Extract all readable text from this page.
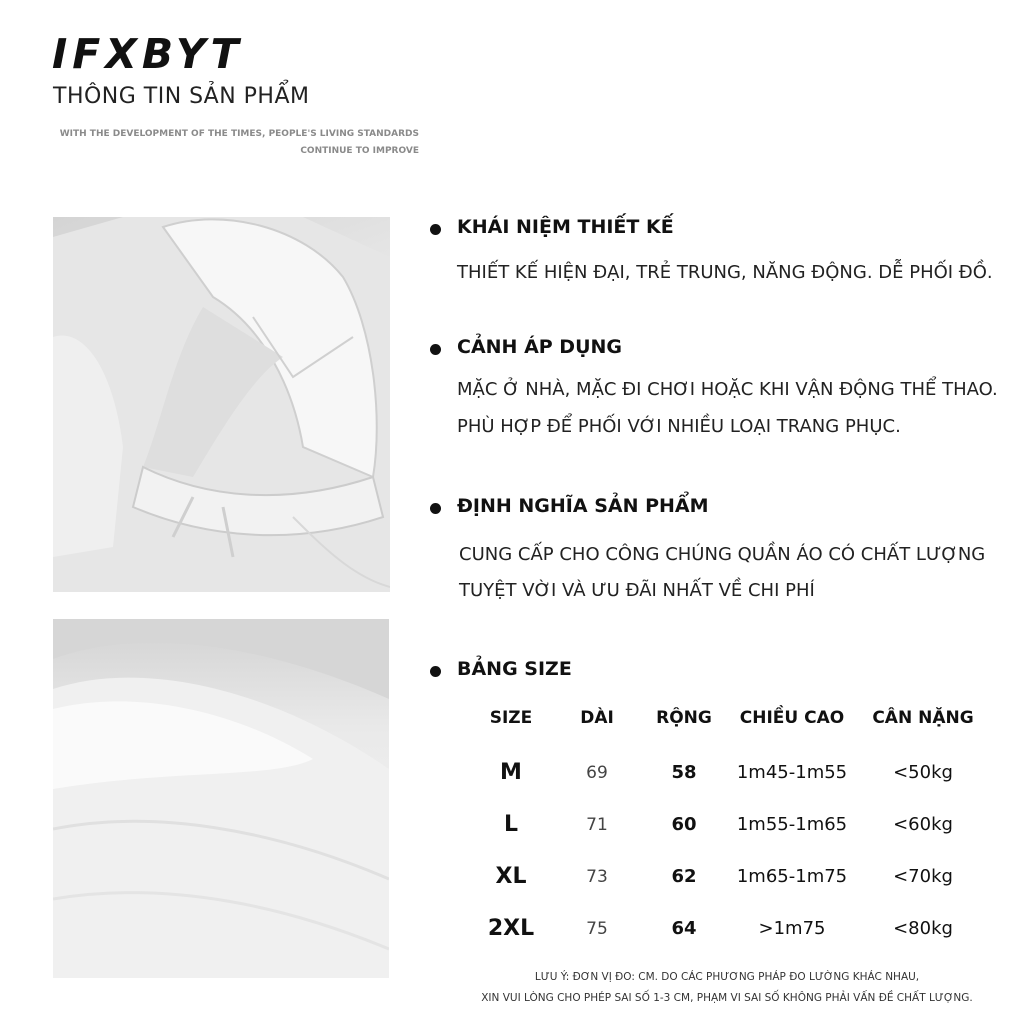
IFXBYT
THÔNG TIN SẢN PHẨM
WITH THE DEVELOPMENT OF THE TIMES, PEOPLE'S LIVING STANDARDS
CONTINUE TO IMPROVE
KHÁI NIỆM THIẾT KẾ
THIẾT KẾ HIỆN ĐẠI, TRẺ TRUNG, NĂNG ĐỘNG. DỄ PHỐI ĐỒ.
CẢNH ÁP DỤNG
MẶC Ở NHÀ, MẶC ĐI CHƠI HOẶC KHI VẬN ĐỘNG THỂ THAO.
PHÙ HỢP ĐỂ PHỐI VỚI NHIỀU LOẠI TRANG PHỤC.
ĐỊNH NGHĨA SẢN PHẨM
CUNG CẤP CHO CÔNG CHÚNG QUẦN ÁO CÓ CHẤT LƯỢNG
TUYỆT VỜI VÀ ƯU ĐÃI NHẤT VỀ CHI PHÍ
BẢNG SIZE
SIZE	DÀI	RỘNG	CHIỀU CAO	CÂN NẶNG
M	69	58	1m45-1m55	<50kg
L	71	60	1m55-1m65	<60kg
XL	73	62	1m65-1m75	<70kg
2XL	75	64	>1m75	<80kg
LƯU Ý: ĐƠN VỊ ĐO: CM. DO CÁC PHƯƠNG PHÁP ĐO LƯỜNG KHÁC NHAU,
XIN VUI LÒNG CHO PHÉP SAI SỐ 1-3 CM, PHẠM VI SAI SỐ KHÔNG PHẢI VẤN ĐỀ CHẤT LƯỢNG.
